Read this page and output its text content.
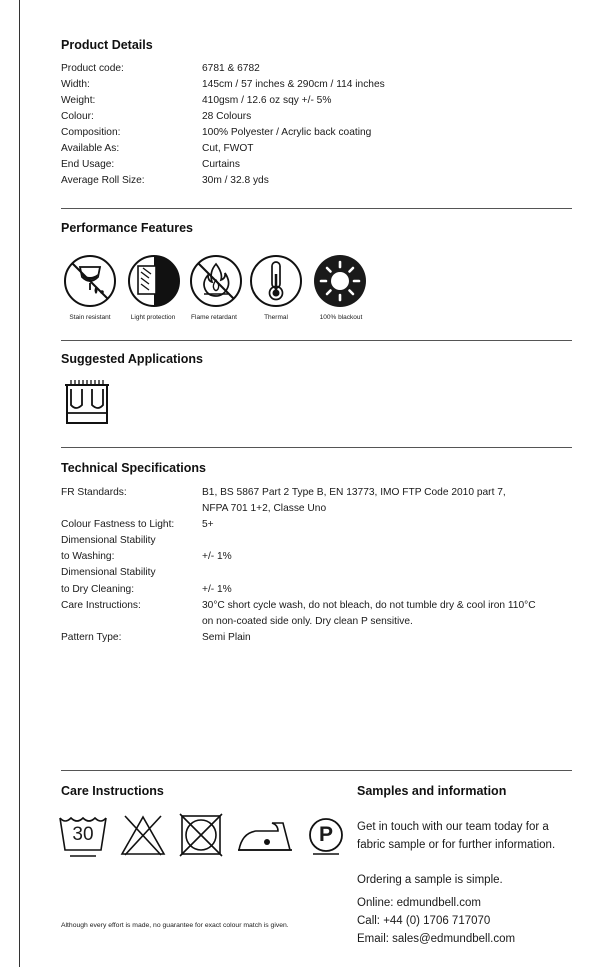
Product Details
Product code:	6781 & 6782
Width:	145cm / 57 inches & 290cm / 114 inches
Weight:	410gsm / 12.6 oz sqy +/- 5%
Colour:	28 Colours
Composition:	100% Polyester / Acrylic back coating
Available As:	Cut, FWOT
End Usage:	Curtains
Average Roll Size:	30m / 32.8 yds
Performance Features
Stain resistant	Light protection Flame retardant	Thermal	100% blackout
Suggested Applications
Technical Specifications
FR Standards:	B1, BS 5867 Part 2 Type B, EN 13773, IMO FTP Code 2010 part 7,
NFPA 701 1+2, Classe Uno
Colour Fastness to Light:	5+
Dimensional Stability
to Washing:	+/- 1%
Dimensional Stability
to Dry Cleaning:	+/- 1%
Care Instructions:	30°C short cycle wash, do not bleach, do not tumble dry & cool iron 110°C
on non-coated side only. Dry clean P sensitive.
Pattern Type:	Semi Plain
Care Instructions
30	P
Samples and information
Get in touch with our team today for a
fabric sample or for further information.
Ordering a sample is simple.
Online: edmundbell.com
Call: +44 (0) 1706 717070
Email: sales@edmundbell.com
Although every effort is made, no guarantee for exact colour match is given.
